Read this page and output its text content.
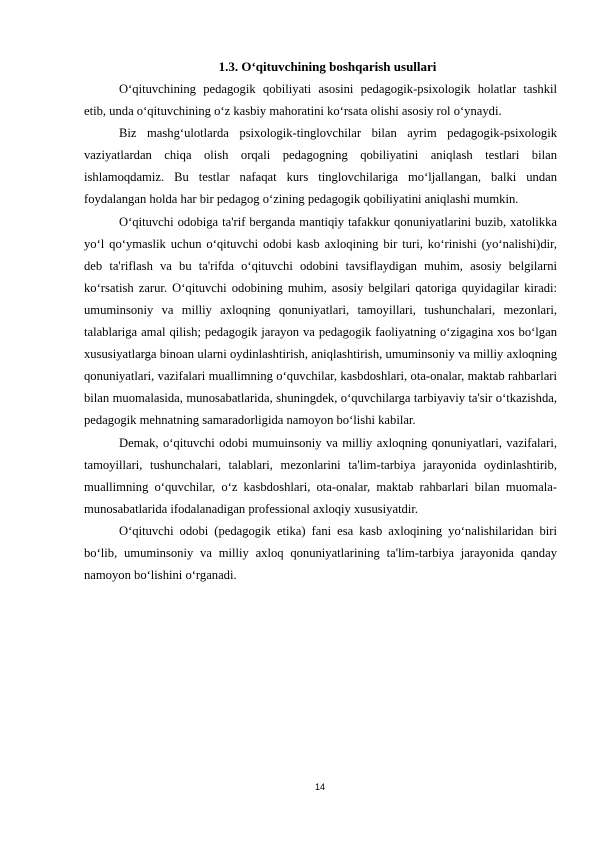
1.3. O‘qituvchining boshqarish usullari

O‘qituvchining pedagogik qobiliyati asosini pedagogik-psixologik holatlar tashkil etib, unda o‘qituvchining o‘z kasbiy mahoratini ko‘rsata olishi asosiy rol o‘ynaydi.

Biz mashg‘ulotlarda psixologik-tinglovchilar bilan ayrim pedagogik-psixologik vaziyatlardan chiqa olish orqali pedagogning qobiliyatini aniqlash testlari bilan ishlamoqdamiz. Bu testlar nafaqat kurs tinglovchilariga mo‘ljallangan, balki undan foydalangan holda har bir pedagog o‘zining pedagogik qobiliyatini aniqlashi mumkin.

O‘qituvchi odobiga ta'rif berganda mantiqiy tafakkur qonuniyatlarini buzib, xatolikka yo‘l qo‘ymaslik uchun o‘qituvchi odobi kasb axloqining bir turi, ko‘rinishi (yo‘nalishi)dir, deb ta'riflash va bu ta'rifda o‘qituvchi odobini tavsiflaydigan muhim, asosiy belgilarni ko‘rsatish zarur. O‘qituvchi odobining muhim, asosiy belgilari qatoriga quyidagilar kiradi: umuminsoniy va milliy axloqning qonuniyatlari, tamoyillari, tushunchalari, mezonlari, talablariga amal qilish; pedagogik jarayon va pedagogik faoliyatning o‘zigagina xos bo‘lgan xususiyatlarga binoan ularni oydinlashtirish, aniqlashtirish, umuminsoniy va milliy axloqning qonuniyatlari, vazifalari muallimning o‘quvchilar, kasbdoshlari, ota-onalar, maktab rahbarlari bilan muomalasida, munosabatlarida, shuningdek, o‘quvchilarga tarbiyaviy ta'sir o‘tkazishda, pedagogik mehnatning samaradorligida namoyon bo‘lishi kabilar.

Demak, o‘qituvchi odobi mumuinsoniy va milliy axloqning qonuniyatlari, vazifalari, tamoyillari, tushunchalari, talablari, mezonlarini ta'lim-tarbiya jarayonida oydinlashtirib, muallimning o‘quvchilar, o‘z kasbdoshlari, ota-onalar, maktab rahbarlari bilan muomala-munosabatlarida ifodalanadigan professional axloqiy xususiyatdir.

O‘qituvchi odobi (pedagogik etika) fani esa kasb axloqining yo‘nalishilaridan biri bo‘lib, umuminsoniy va milliy axloq qonuniyatlarining ta'lim-tarbiya jarayonida qanday namoyon bo‘lishini o‘rganadi.

14
